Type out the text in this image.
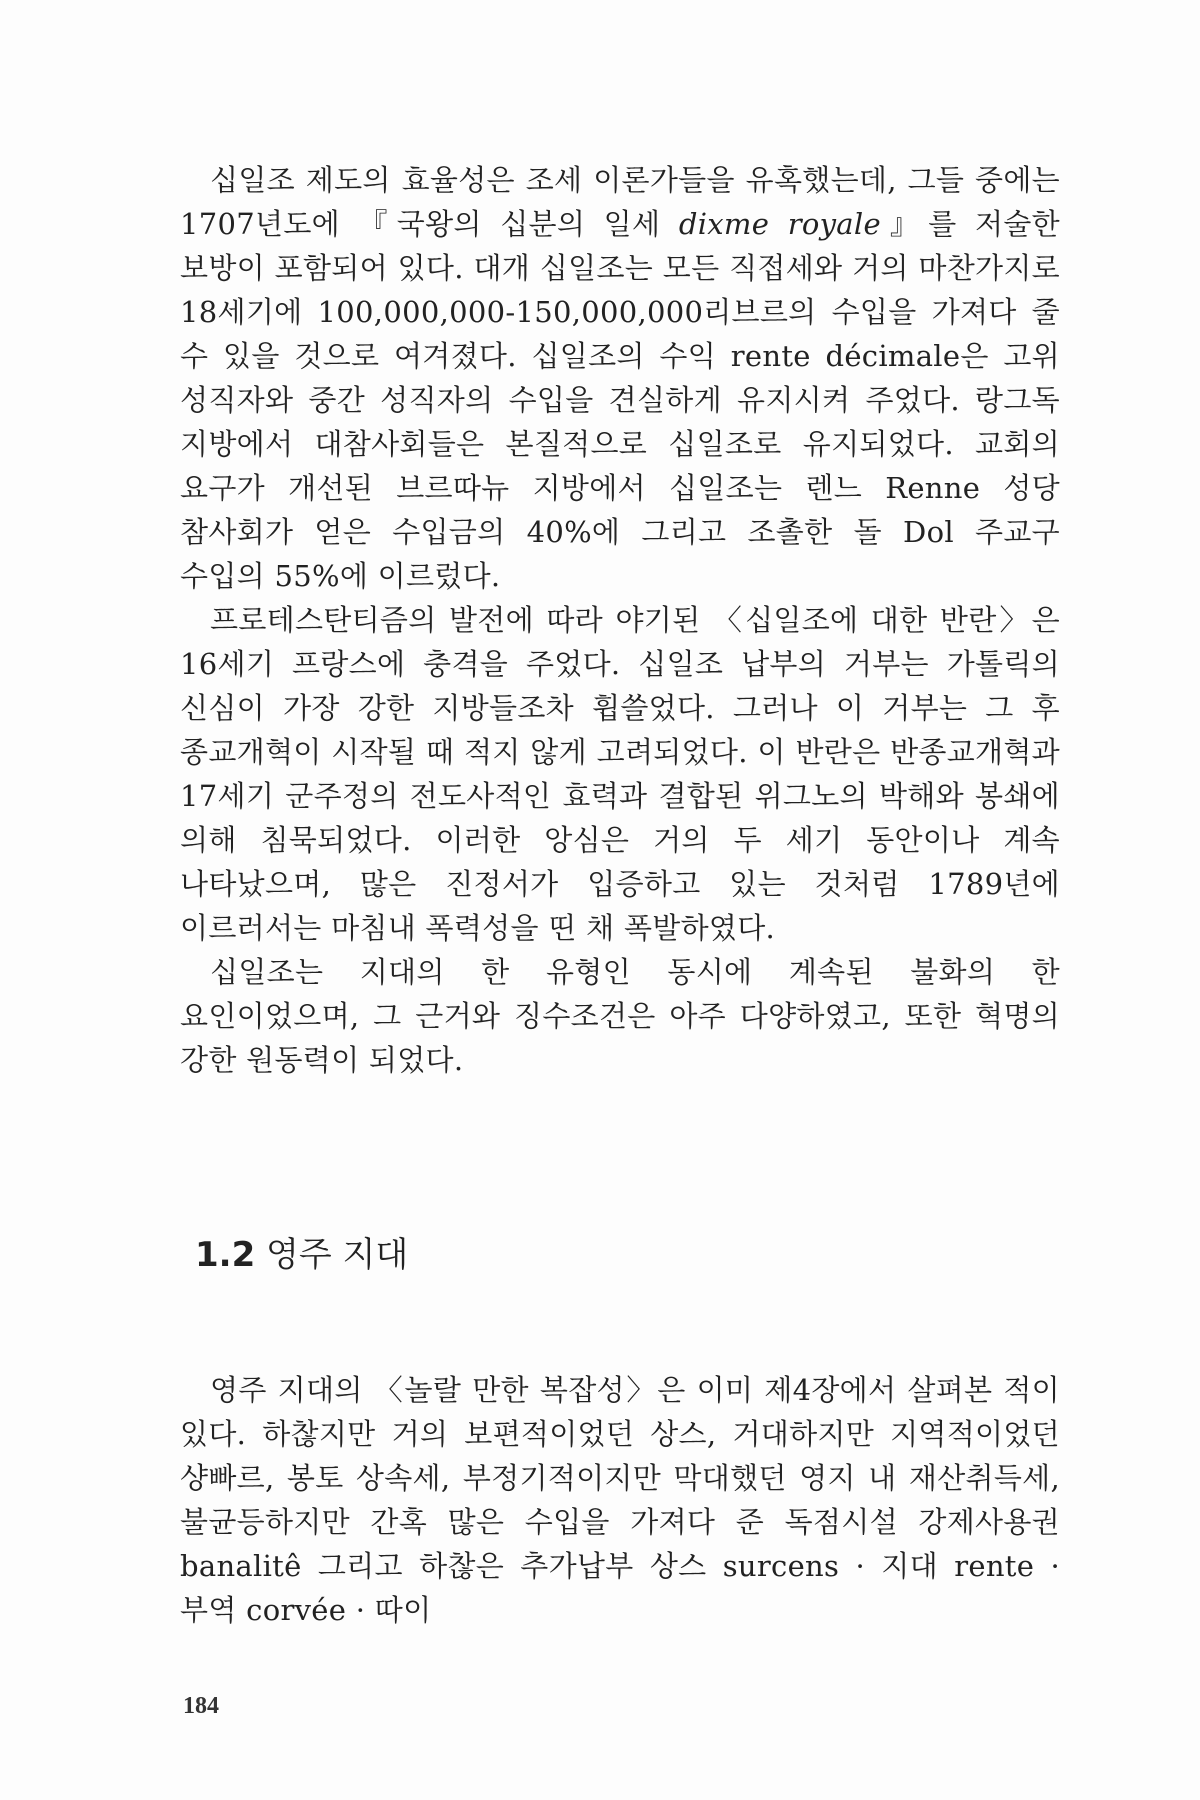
십일조 제도의 효율성은 조세 이론가들을 유혹했는데, 그들 중에는 1707년도에 『국왕의 십분의 일세 dixme royale』를 저술한 보방이 포함되어 있다. 대개 십일조는 모든 직접세와 거의 마찬가지로 18세기에 100,000,000-150,000,000리브르의 수입을 가져다 줄 수 있을 것으로 여겨졌다. 십일조의 수익 rente décimale은 고위 성직자와 중간 성직자의 수입을 견실하게 유지시켜 주었다. 랑그독 지방에서 대참사회들은 본질적으로 십일조로 유지되었다. 교회의 요구가 개선된 브르따뉴 지방에서 십일조는 렌느 Renne 성당 참사회가 얻은 수입금의 40%에 그리고 조촐한 돌 Dol 주교구 수입의 55%에 이르렀다.

프로테스탄티즘의 발전에 따라 야기된 〈십일조에 대한 반란〉은 16세기 프랑스에 충격을 주었다. 십일조 납부의 거부는 가톨릭의 신심이 가장 강한 지방들조차 휩쓸었다. 그러나 이 거부는 그 후 종교개혁이 시작될 때 적지 않게 고려되었다. 이 반란은 반종교개혁과 17세기 군주정의 전도사적인 효력과 결합된 위그노의 박해와 봉쇄에 의해 침묵되었다. 이러한 앙심은 거의 두 세기 동안이나 계속 나타났으며, 많은 진정서가 입증하고 있는 것처럼 1789년에 이르러서는 마침내 폭력성을 띤 채 폭발하였다.

십일조는 지대의 한 유형인 동시에 계속된 불화의 한 요인이었으며, 그 근거와 징수조건은 아주 다양하였고, 또한 혁명의 강한 원동력이 되었다.

1.2 영주 지대

영주 지대의 〈놀랄 만한 복잡성〉은 이미 제4장에서 살펴본 적이 있다. 하찮지만 거의 보편적이었던 상스, 거대하지만 지역적이었던 샹빠르, 봉토 상속세, 부정기적이지만 막대했던 영지 내 재산취득세, 불균등하지만 간혹 많은 수입을 가져다 준 독점시설 강제사용권 banalitê 그리고 하찮은 추가납부 상스 surcens · 지대 rente · 부역 corvée · 따이

184
